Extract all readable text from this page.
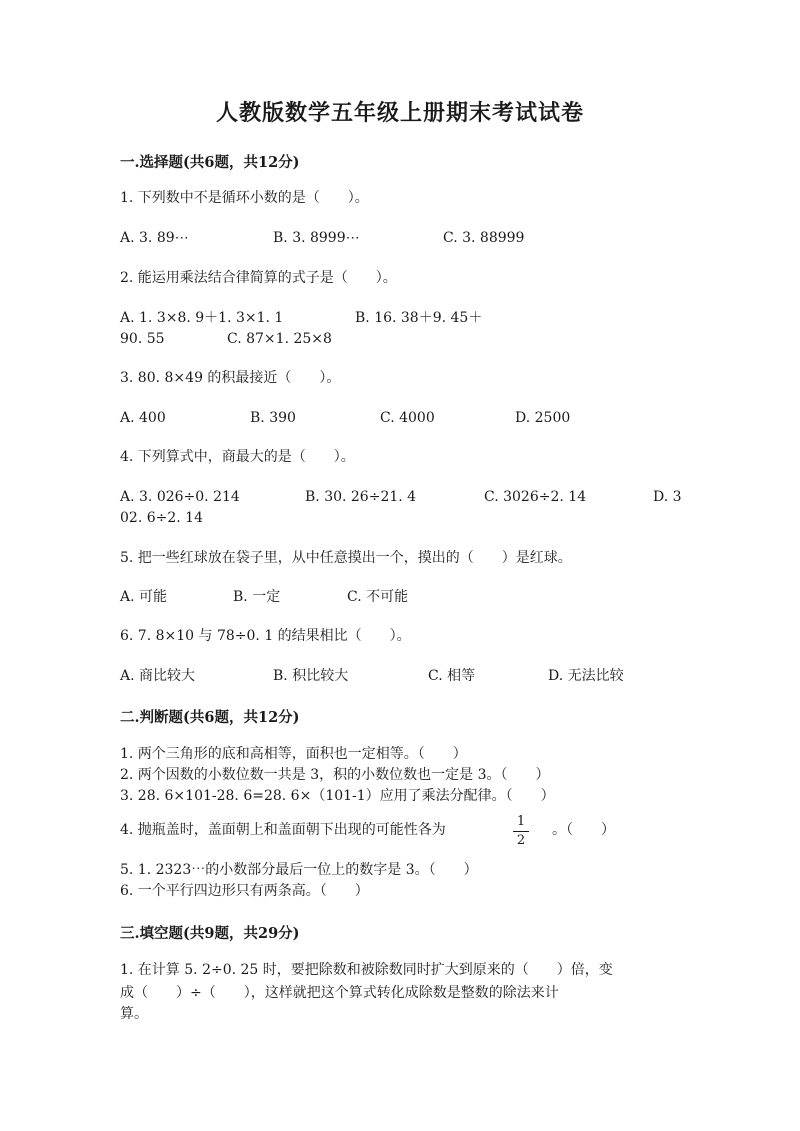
人教版数学五年级上册期末考试试卷
一.选择题(共6题，共12分)
1. 下列数中不是循环小数的是（　　）。
A. 3. 89⋯	B. 3. 8999⋯	C. 3. 88999
2. 能运用乘法结合律简算的式子是（　　）。
A. 1. 3×8. 9＋1. 3×1. 1	B. 16. 38＋9. 45＋
90. 55	C. 87×1. 25×8
3. 80. 8×49 的积最接近（　　）。
A. 400	B. 390	C. 4000	D. 2500
4. 下列算式中，商最大的是（　　）。
A. 3. 026÷0. 214	B. 30. 26÷21. 4	C. 3026÷2. 14	D. 3
02. 6÷2. 14
5. 把一些红球放在袋子里，从中任意摸出一个，摸出的（　　）是红球。
A. 可能	B. 一定	C. 不可能
6. 7. 8×10 与 78÷0. 1 的结果相比（　　）。
A. 商比较大	B. 积比较大	C. 相等	D. 无法比较
二.判断题(共6题，共12分)
1. 两个三角形的底和高相等，面积也一定相等。（　　）
2. 两个因数的小数位数一共是 3，积的小数位数也一定是 3。（　　）
3. 28. 6×101-28. 6=28. 6×（101-1）应用了乘法分配律。（　　）
4. 抛瓶盖时，盖面朝上和盖面朝下出现的可能性各为
1
2
。（　　）
5. 1. 2323⋯的小数部分最后一位上的数字是 3。（　　）
6. 一个平行四边形只有两条高。（　　）
三.填空题(共9题，共29分)
1. 在计算 5. 2÷0. 25 时，要把除数和被除数同时扩大到原来的（　　）倍，变
成（　　）÷（　　），这样就把这个算式转化成除数是整数的除法来计
算。
